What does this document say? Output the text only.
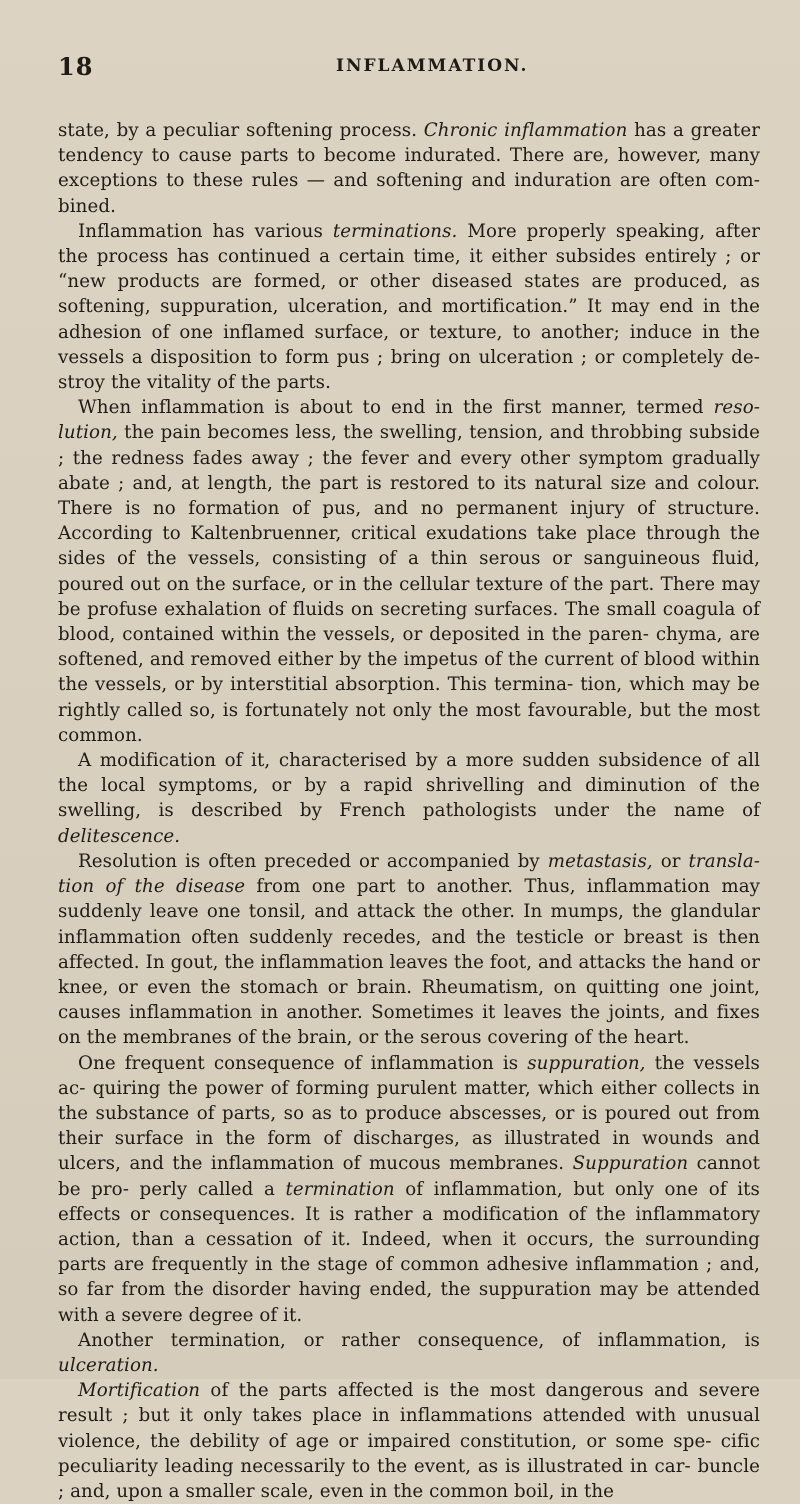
18	INFLAMMATION.

state, by a peculiar softening process. Chronic inflammation has a greater tendency to cause parts to become indurated. There are, however, many exceptions to these rules — and softening and induration are often com- bined.

Inflammation has various terminations. More properly speaking, after the process has continued a certain time, it either subsides entirely ; or “new products are formed, or other diseased states are produced, as softening, suppuration, ulceration, and mortification.” It may end in the adhesion of one inflamed surface, or texture, to another; induce in the vessels a disposition to form pus ; bring on ulceration ; or completely de- stroy the vitality of the parts.

When inflammation is about to end in the first manner, termed reso- lution, the pain becomes less, the swelling, tension, and throbbing subside ; the redness fades away ; the fever and every other symptom gradually abate ; and, at length, the part is restored to its natural size and colour. There is no formation of pus, and no permanent injury of structure. According to Kaltenbruenner, critical exudations take place through the sides of the vessels, consisting of a thin serous or sanguineous fluid, poured out on the surface, or in the cellular texture of the part. There may be profuse exhalation of fluids on secreting surfaces. The small coagula of blood, contained within the vessels, or deposited in the paren- chyma, are softened, and removed either by the impetus of the current of blood within the vessels, or by interstitial absorption. This termina- tion, which may be rightly called so, is fortunately not only the most favourable, but the most common.

A modification of it, characterised by a more sudden subsidence of all the local symptoms, or by a rapid shrivelling and diminution of the swelling, is described by French pathologists under the name of delitescence.

Resolution is often preceded or accompanied by metastasis, or transla- tion of the disease from one part to another. Thus, inflammation may suddenly leave one tonsil, and attack the other. In mumps, the glandular inflammation often suddenly recedes, and the testicle or breast is then affected. In gout, the inflammation leaves the foot, and attacks the hand or knee, or even the stomach or brain. Rheumatism, on quitting one joint, causes inflammation in another. Sometimes it leaves the joints, and fixes on the membranes of the brain, or the serous covering of the heart.

One frequent consequence of inflammation is suppuration, the vessels ac- quiring the power of forming purulent matter, which either collects in the substance of parts, so as to produce abscesses, or is poured out from their surface in the form of discharges, as illustrated in wounds and ulcers, and the inflammation of mucous membranes. Suppuration cannot be pro- perly called a termination of inflammation, but only one of its effects or consequences. It is rather a modification of the inflammatory action, than a cessation of it. Indeed, when it occurs, the surrounding parts are frequently in the stage of common adhesive inflammation ; and, so far from the disorder having ended, the suppuration may be attended with a severe degree of it.

Another termination, or rather consequence, of inflammation, is ulceration.

Mortification of the parts affected is the most dangerous and severe result ; but it only takes place in inflammations attended with unusual violence, the debility of age or impaired constitution, or some spe- cific peculiarity leading necessarily to the event, as is illustrated in car- buncle ; and, upon a smaller scale, even in the common boil, in the
